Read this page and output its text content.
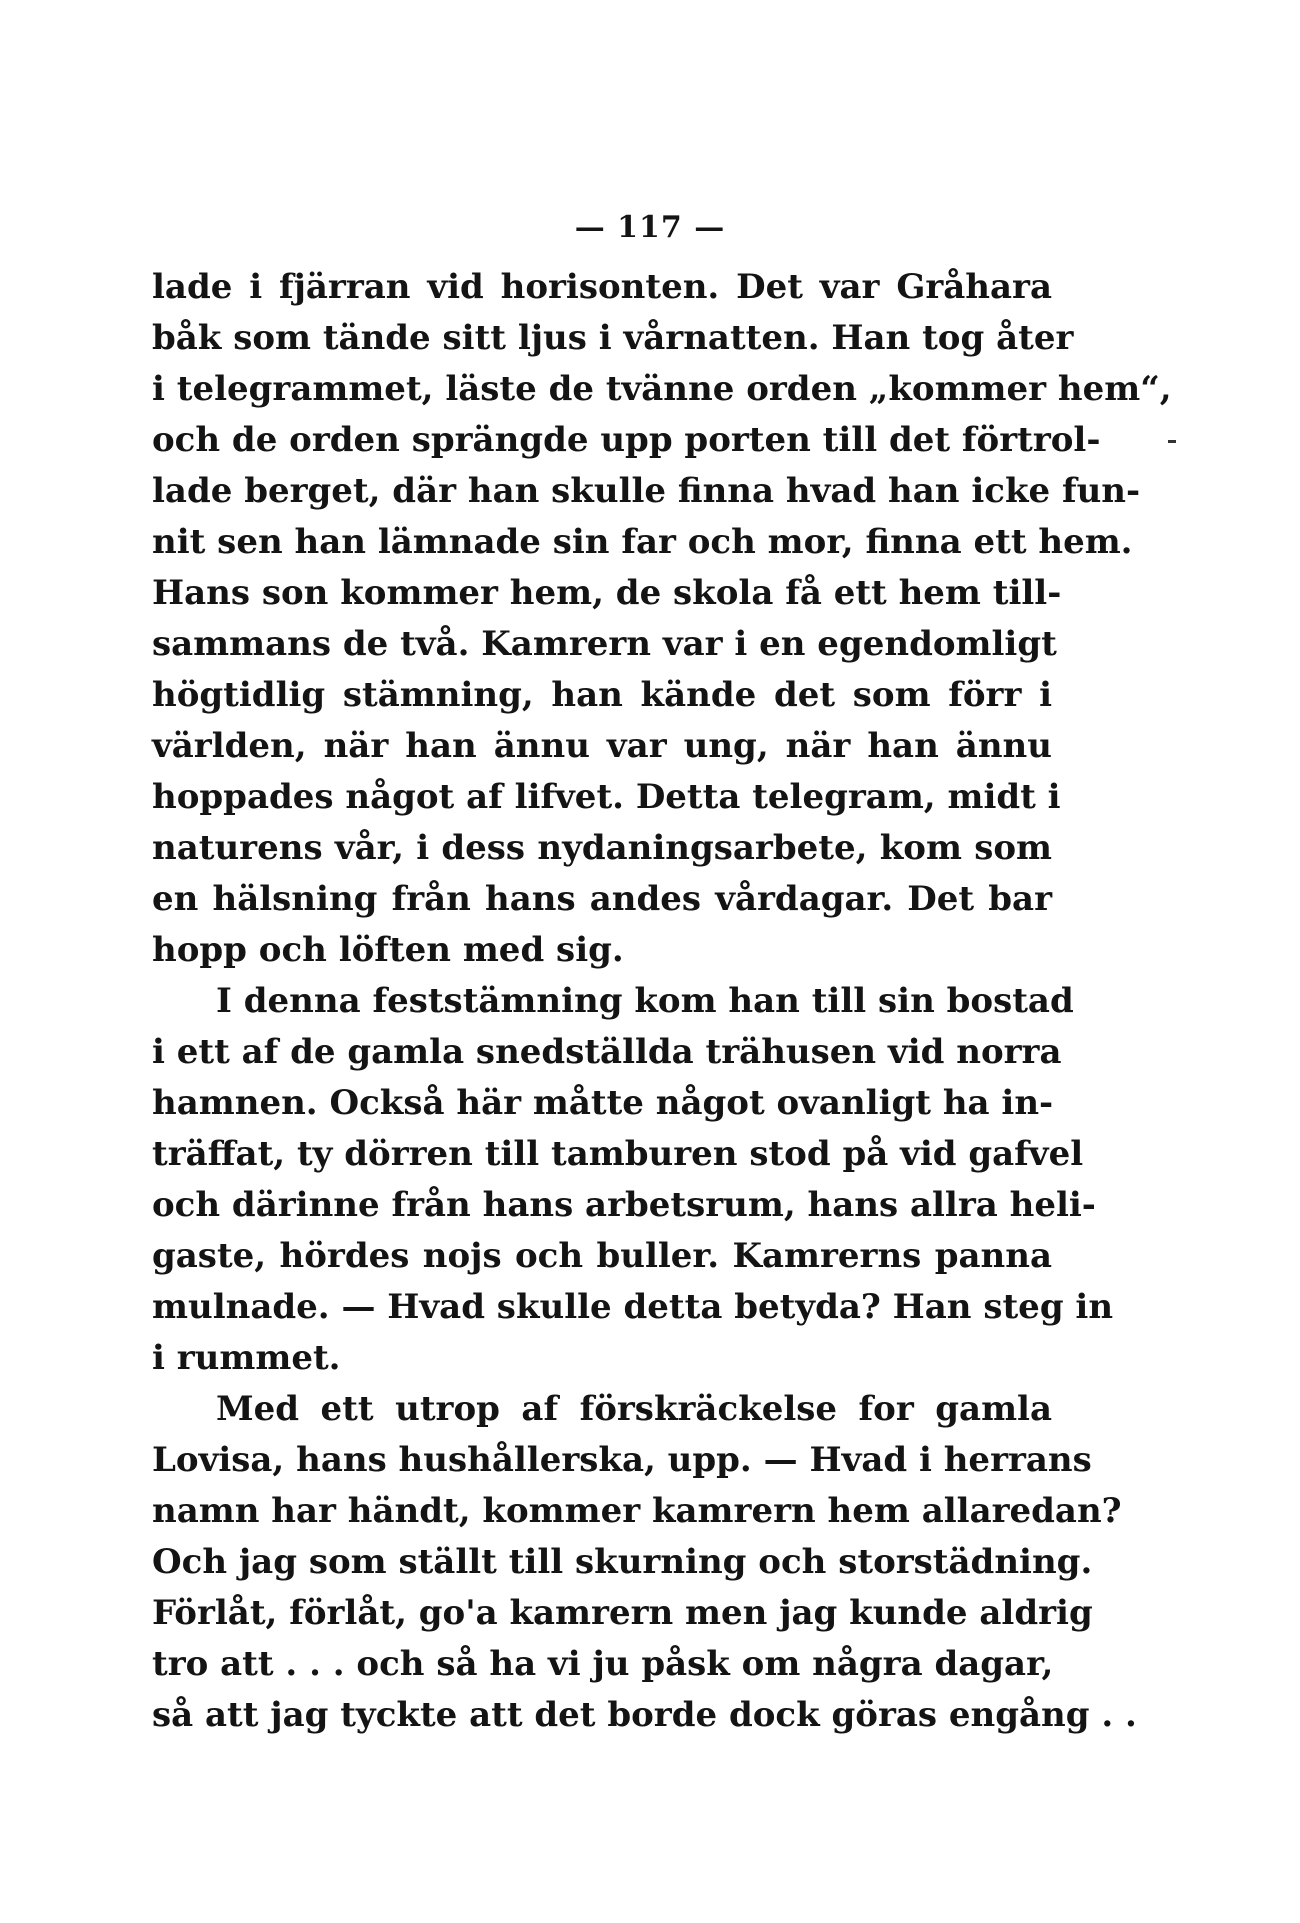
— 117 —
lade i fjärran vid horisonten. Det var Gråhara
båk som tände sitt ljus i vårnatten. Han tog åter
i telegrammet, läste de tvänne orden „kommer hem“,
och de orden sprängde upp porten till det förtrol-
lade berget, där han skulle finna hvad han icke fun-
nit sen han lämnade sin far och mor, finna ett hem.
Hans son kommer hem, de skola få ett hem till-
sammans de två. Kamrern var i en egendomligt
högtidlig stämning, han kände det som förr i
världen, när han ännu var ung, när han ännu
hoppades något af lifvet. Detta telegram, midt i
naturens vår, i dess nydaningsarbete, kom som
en hälsning från hans andes vårdagar. Det bar
hopp och löften med sig.
I denna feststämning kom han till sin bostad
i ett af de gamla snedställda trähusen vid norra
hamnen. Också här måtte något ovanligt ha in-
träffat, ty dörren till tamburen stod på vid gafvel
och därinne från hans arbetsrum, hans allra heli-
gaste, hördes nojs och buller. Kamrerns panna
mulnade. — Hvad skulle detta betyda? Han steg in
i rummet.
Med ett utrop af förskräckelse for gamla
Lovisa, hans hushållerska, upp. — Hvad i herrans
namn har händt, kommer kamrern hem allaredan?
Och jag som ställt till skurning och storstädning.
Förlåt, förlåt, go'a kamrern men jag kunde aldrig
tro att . . . och så ha vi ju påsk om några dagar,
så att jag tyckte att det borde dock göras engång . .
